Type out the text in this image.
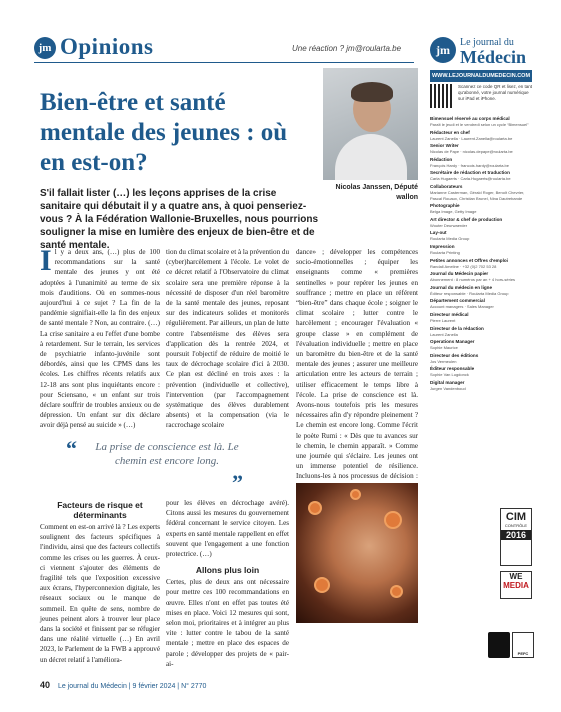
jm Opinions	Une réaction ? jm@roularta.be
Bien-être et santé mentale des jeunes : où en est-on?
Nicolas Janssen, Député wallon

S'il fallait lister (…) les leçons apprises de la crise sanitaire qui débutait il y a quatre ans, à quoi penseriez-vous ? À la Fédération Wallonie-Bruxelles, nous pourrions souligner la mise en lumière des enjeux de bien-être et de santé mentale.

I l y a deux ans, (…) plus de 100 recommandations sur la santé mentale des jeunes y ont été adoptées à l'unanimité au terme de six mois d'auditions. Où en sommes-nous aujourd'hui à ce sujet ? La fin de la pandémie signifiait-elle la fin des enjeux de santé mentale ? Non, au contraire. (…) La crise sanitaire a eu l'effet d'une bombe à retardement. Sur le terrain, les services de psychiatrie infanto-juvénile sont débordés, ainsi que les CPMS dans les écoles. Les chiffres récents relatifs aux 12-18 ans sont plus inquiétants encore : pour Sciensano, « un enfant sur trois déclare souffrir de troubles anxieux ou de dépression. Un enfant sur dix déclare avoir déjà pensé au suicide » (…)
tion du climat scolaire et à la prévention du (cyber)harcèlement à l'école. Le volet de ce décret relatif à l'Observatoire du climat scolaire sera une première réponse à la nécessité de disposer d'un réel baromètre de la santé mentale des jeunes, reposant sur des indicateurs solides et monitorés régulièrement. Par ailleurs, un plan de lutte contre l'absentéisme des élèves sera d'application dès la rentrée 2024, et poursuit l'objectif de réduire de moitié le taux de décrochage scolaire d'ici à 2030. Ce plan est décliné en trois axes : la prévention (individuelle et collective), l'intervention (par l'accompagnement systématique des élèves durablement absents) et la compensation (via le raccrochage scolaire
dance» ; développer les compétences socio-émotionnelles ; équiper les enseignants comme « premières sentinelles » pour repérer les jeunes en souffrance ; mettre en place un référent “bien-être” dans chaque école ; soigner le climat scolaire ; lutter contre le harcèlement ; encourager l'évaluation « groupe classe » en complément de l'évaluation individuelle ; mettre en place un baromètre du bien-être et de la santé mentale des jeunes ; assurer une meilleure articulation entre les acteurs de terrain ; utiliser efficacement le temps libre à l'école. La prise de conscience est là. Avons-nous toutefois pris les mesures nécessaires afin d'y répondre pleinement ? Le chemin est encore long. Comme l'écrit le poète Rumi : « Dès que tu avances sur le chemin, le chemin apparaît. » Comme une journée qui s'éclaire. Les jeunes ont un immense potentiel de résilience. Incluons-les à nos processus de décision :
“	La prise de conscience est là. Le chemin est encore long.
”
Facteurs de risque et déterminants
Comment en est-on arrivé là ? Les experts soulignent des facteurs spécifiques à l'individu, ainsi que des facteurs collectifs comme les crises ou les guerres. À ceux-ci viennent s'ajouter des éléments de fragilité tels que l'exposition excessive aux écrans, l'hyperconnexion digitale, les réseaux sociaux ou le manque de sommeil. En quête de sens, nombre de jeunes peinent alors à trouver leur place dans la société et finissent par se réfugier dans une réalité virtuelle (…) En avril 2023, le Parlement de la FWB a approuvé un décret relatif à l'améliora-
pour les élèves en décrochage avéré). Citons aussi les mesures du gouvernement fédéral concernant le service citoyen. Les experts en santé mentale rappellent en effet souvent que l'engagement a une fonction protectrice. (…)
Allons plus loin
Certes, plus de deux ans ont nécessaire pour mettre ces 100 recommandations en œuvre. Elles n'ont en effet pas toutes été mises en place. Voici 12 mesures qui sont, selon moi, prioritaires et à intégrer au plus vite : lutter contre le tabou de la santé mentale ; mettre en place des espaces de parole ; développer des projets de « pair-ai-
40 Le journal du Médecin | 9 février 2024 | N° 2770
jm	Le journal du
Médecin
WWW.LEJOURNALDUMEDECIN.COM
Scannez ce code QR et lisez, en tant qu'abonné, votre journal numérique sur iPad et iPhone.
Bimensuel réservé au corps médical
Paraît le jeudi et le vendredi selon un cycle “Bimensuel”
Rédacteur en chef
Laurent Zanella · Laurent.Zanella@roularta.be
Senior Writer
Nicolas de Pape · nicolas.depape@roularta.be
Rédaction
François Hardy · francois.hardy@roularta.be
Secrétaire de rédaction et traduction
Carla Hugaerts · Carla.Hugaerts@roularta.be
Collaborateurs
Marianne Casterman, Gérald Roger, Benoît Chevrier, Pascal Rouaux, Christian Brunel, Nina Dautrebande
Photographie
Belga Image, Getty Image
Art director & chef de production
Wouter Deurwaerder
Lay-out
Roularta Media Group
Impression
Roularta Printing
Petites annonces et Offres d'emploi
Randall Ameline · +32 (0)2 702 53 28
Journal du Médecin papier
Abonnement : 8 numéros par an + 4 hors-séries
Journal du médecin en ligne
Éditeur responsable · Roularta Media Group
Département commercial
Account managers · Sales Manager
Directeur médical
Pierre Laurent
Directeur de la rédaction
Laurent Zanella
Operations Manager
Sophie Maurice
Directeur des éditions
Jos Vermeulen
Éditeur responsable
Sophie Van Lugdonck
Digital manager
Jurgen Vandenboud
CIM
CONTRÔLE
2016
WE
MEDIA
PEFC
